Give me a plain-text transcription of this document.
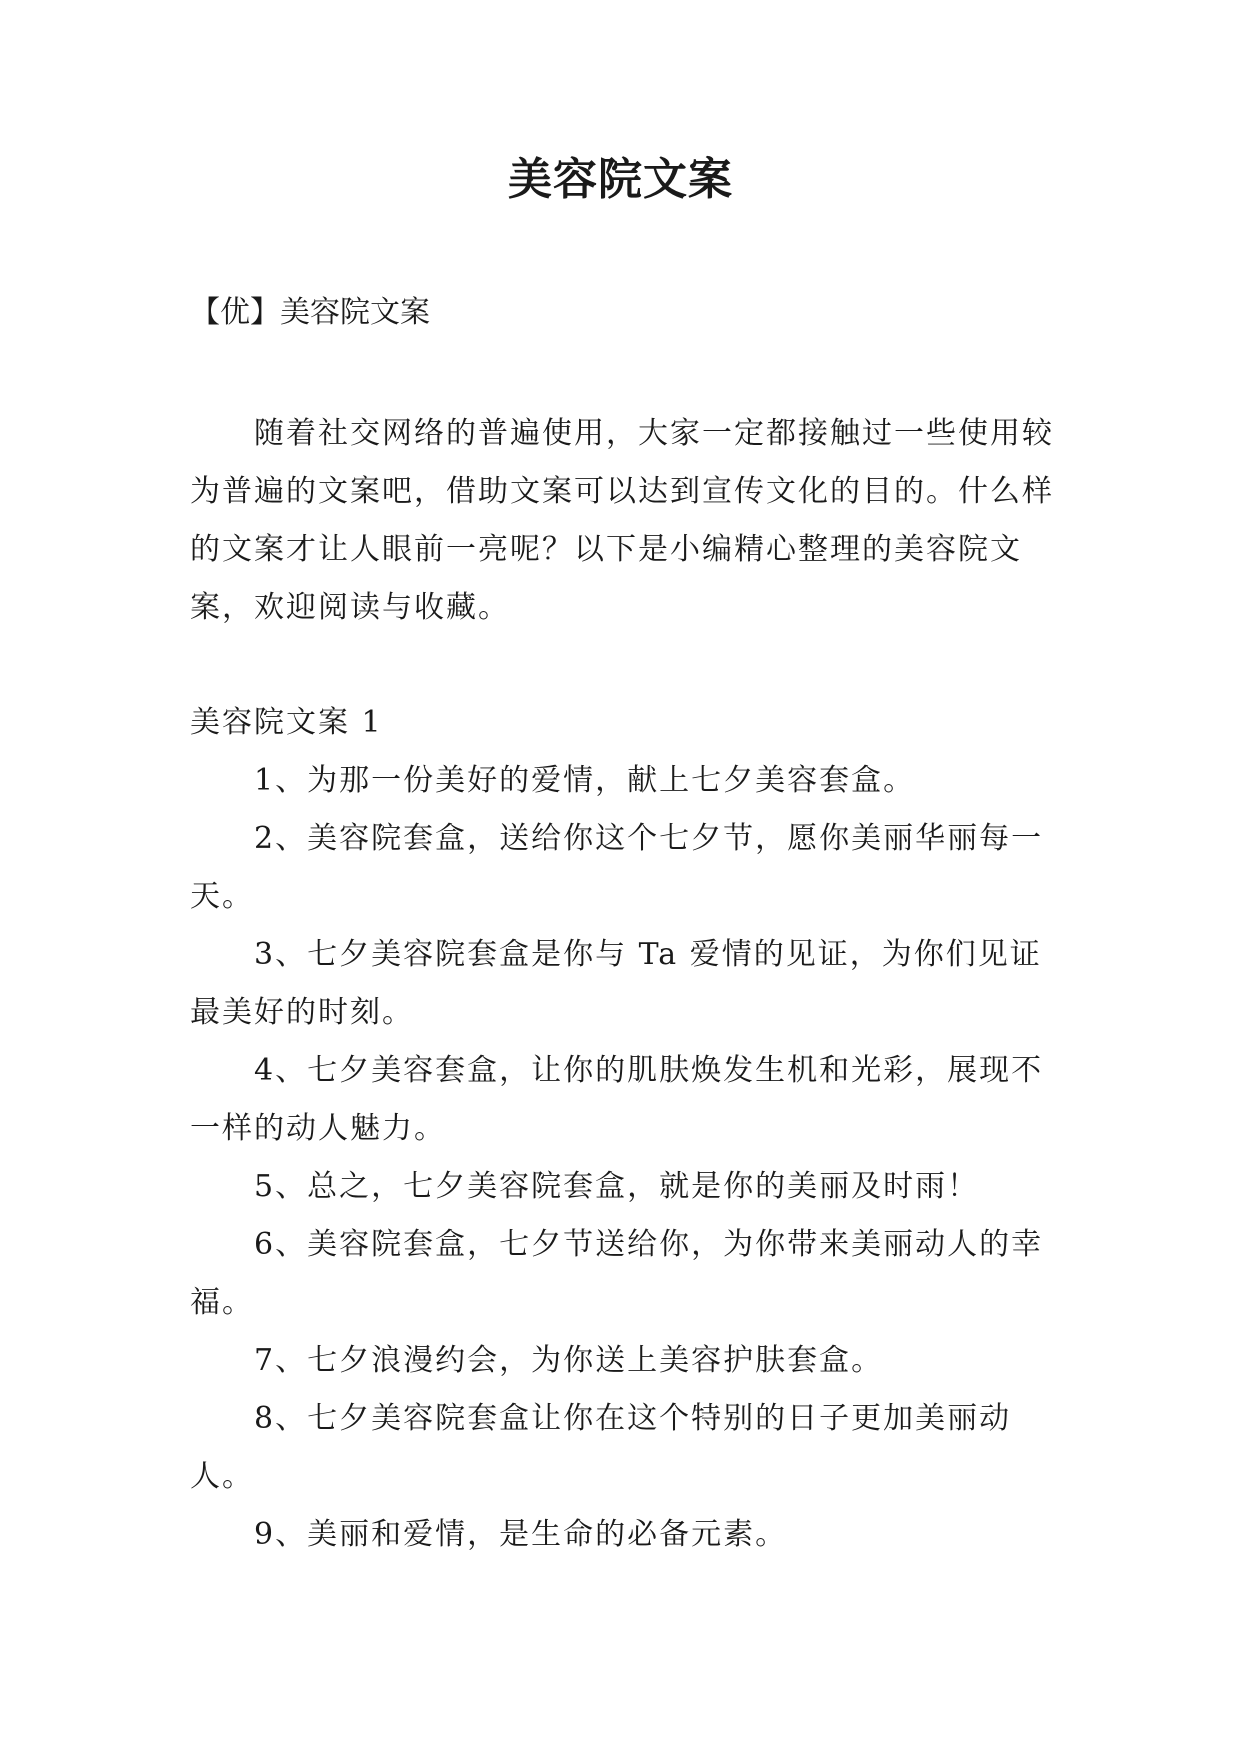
美容院文案
【优】美容院文案

随着社交网络的普遍使用，大家一定都接触过一些使用较为普遍的文案吧，借助文案可以达到宣传文化的目的。什么样的文案才让人眼前一亮呢？以下是小编精心整理的美容院文案，欢迎阅读与收藏。

美容院文案 1

1、为那一份美好的爱情，献上七夕美容套盒。

2、美容院套盒，送给你这个七夕节，愿你美丽华丽每一天。

3、七夕美容院套盒是你与 Ta 爱情的见证，为你们见证最美好的时刻。

4、七夕美容套盒，让你的肌肤焕发生机和光彩，展现不一样的动人魅力。

5、总之，七夕美容院套盒，就是你的美丽及时雨！

6、美容院套盒，七夕节送给你，为你带来美丽动人的幸福。

7、七夕浪漫约会，为你送上美容护肤套盒。

8、七夕美容院套盒让你在这个特别的日子更加美丽动人。

9、美丽和爱情，是生命的必备元素。
